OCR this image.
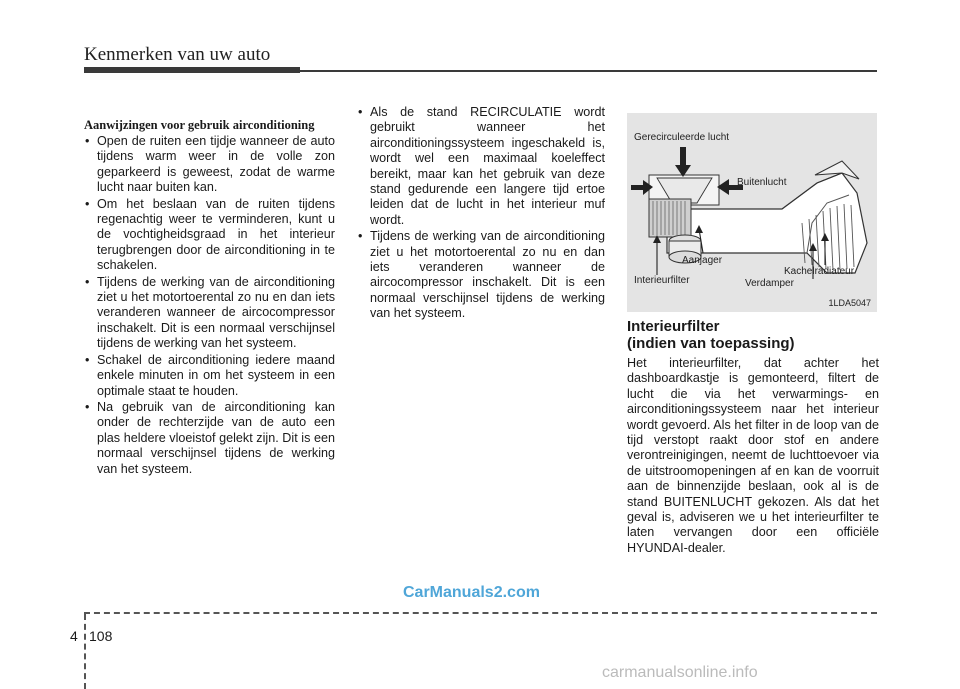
Kenmerken van uw auto

Aanwijzingen voor gebruik airconditioning

• Open de ruiten een tijdje wanneer de auto tijdens warm weer in de volle zon geparkeerd is geweest, zodat de warme lucht naar buiten kan.
• Om het beslaan van de ruiten tijdens regenachtig weer te verminderen, kunt u de vochtigheidsgraad in het interieur terugbrengen door de airconditioning in te schakelen.
• Tijdens de werking van de airconditioning ziet u het motortoerental zo nu en dan iets veranderen wanneer de aircocompressor inschakelt. Dit is een normaal verschijnsel tijdens de werking van het systeem.
• Schakel de airconditioning iedere maand enkele minuten in om het systeem in een optimale staat te houden.
• Na gebruik van de airconditioning kan onder de rechterzijde van de auto een plas heldere vloeistof gelekt zijn. Dit is een normaal verschijnsel tijdens de werking van het systeem.
• Als de stand RECIRCULATIE wordt gebruikt wanneer het airconditioningssysteem ingeschakeld is, wordt wel een maximaal koeleffect bereikt, maar kan het gebruik van deze stand gedurende een langere tijd ertoe leiden dat de lucht in het interieur muf wordt.
• Tijdens de werking van de airconditioning ziet u het motortoerental zo nu en dan iets veranderen wanneer de aircocompressor inschakelt. Dit is een normaal verschijnsel tijdens de werking van het systeem.
Gerecirculeerde lucht
Buitenlucht
Aanjager
Kachelradiateur
Interieurfilter	Verdamper
1LDA5047

Interieurfilter
(indien van toepassing)

Het interieurfilter, dat achter het dashboardkastje is gemonteerd, filtert de lucht die via het verwarmings- en airconditioningssysteem naar het interieur wordt gevoerd. Als het filter in de loop van de tijd verstopt raakt door stof en andere verontreinigingen, neemt de luchttoevoer via de uitstroomopeningen af en kan de voorruit aan de binnenzijde beslaan, ook al is de stand BUITENLUCHT gekozen. Als dat het geval is, adviseren we u het interieurfilter te laten vervangen door een officiële HYUNDAI-dealer.

CarManuals2.com
4 108
carmanualsonline.info
